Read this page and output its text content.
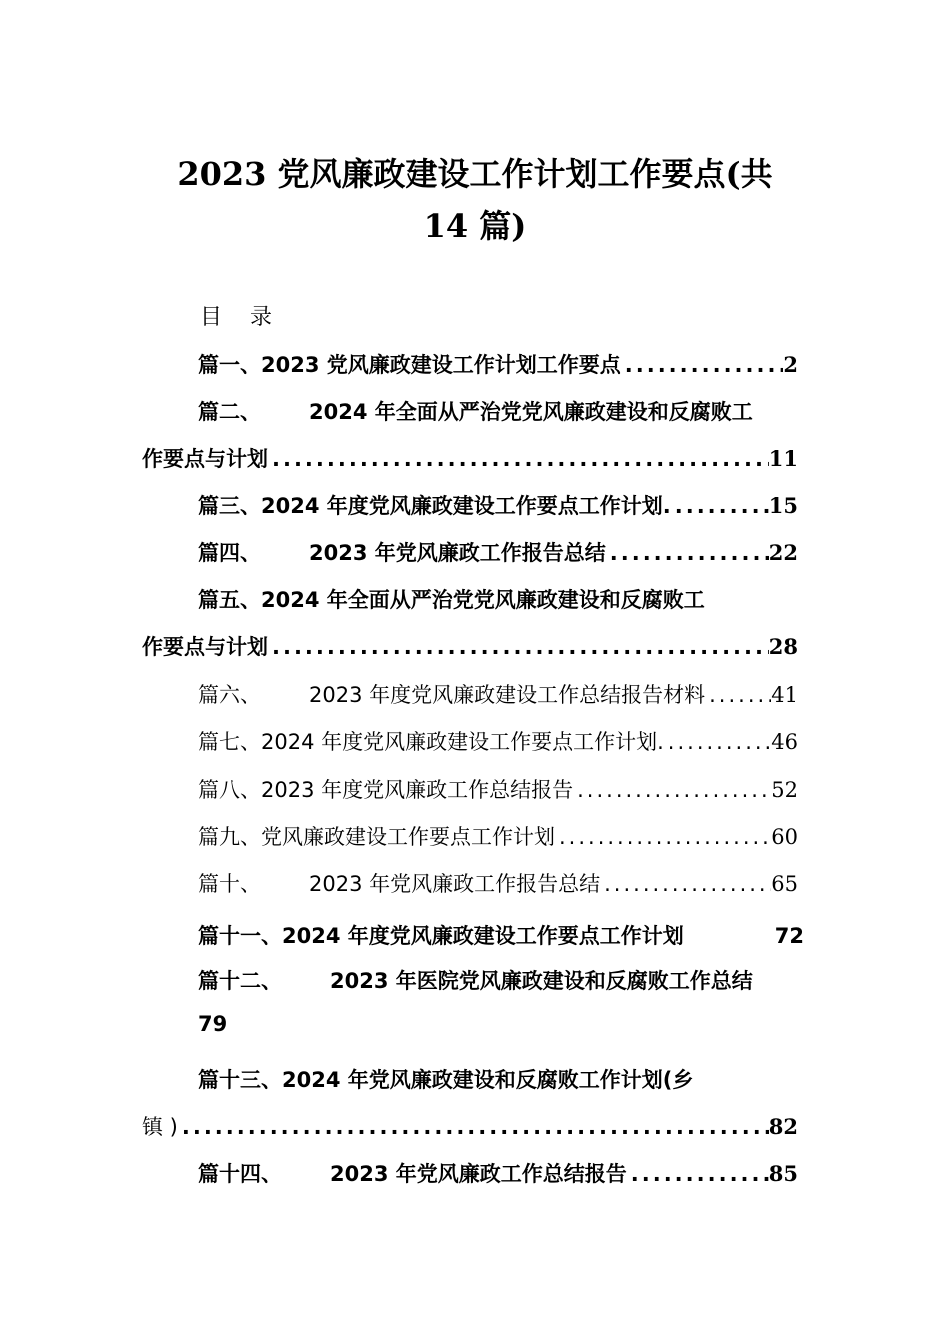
2023 党风廉政建设工作计划工作要点(共
14 篇)
目录
篇一、2023 党风廉政建设工作计划工作要点 .....	2
篇二、 2024 年全面从严治党党风廉政建设和反腐败工
作要点与计划 .....	11
篇三、2024 年度党风廉政建设工作要点工作计划. .....	15
篇四、 2023 年党风廉政工作报告总结 .....	22
篇五、2024 年全面从严治党党风廉政建设和反腐败工
作要点与计划 .....	28
篇六、 2023 年度党风廉政建设工作总结报告材料 .....	41
篇七、2024 年度党风廉政建设工作要点工作计划. .....	46
篇八、2023 年度党风廉政工作总结报告 .....	52
篇九、党风廉政建设工作要点工作计划 .....	60
篇十、 2023 年党风廉政工作报告总结 .....	65
篇十一、2024 年度党风廉政建设工作要点工作计划	72
篇十二、 2023 年医院党风廉政建设和反腐败工作总结
79
篇十三、2024 年党风廉政建设和反腐败工作计划(乡
镇 ) .....	82
篇十四、 2023 年党风廉政工作总结报告 .....	85
